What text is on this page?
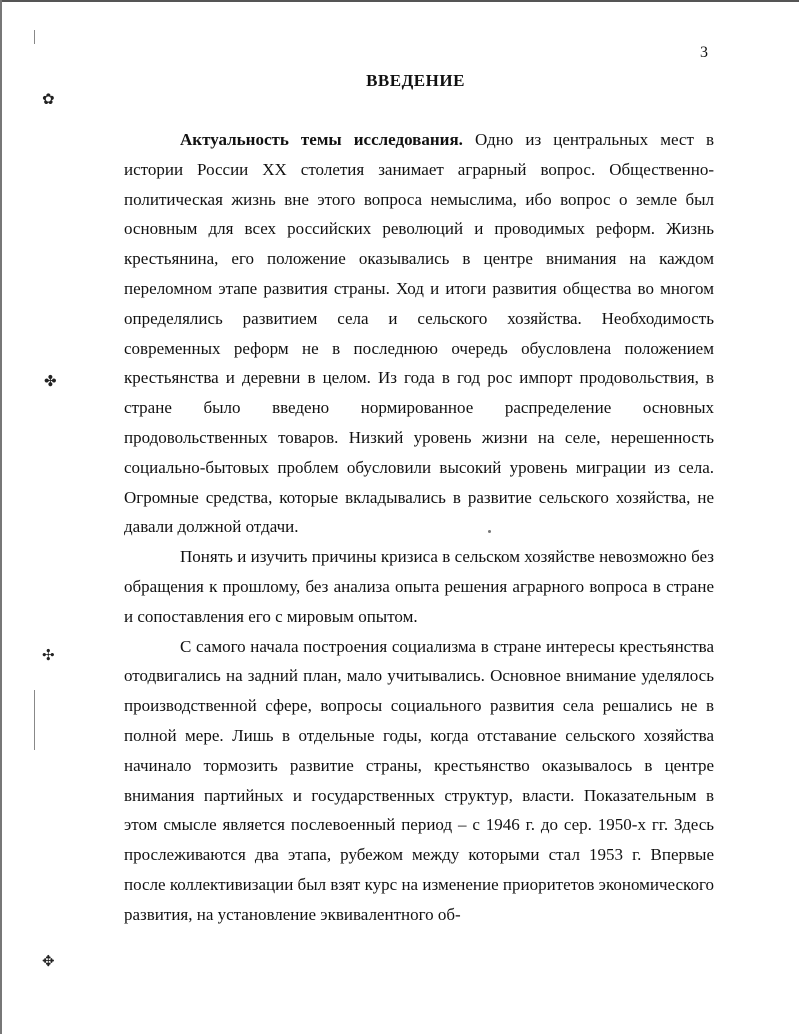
✿
✤
✣
✥
3
ВВЕДЕНИЕ

Актуальность темы исследования. Одно из центральных мест в истории России XX столетия занимает аграрный вопрос. Общественно-политическая жизнь вне этого вопроса немыслима, ибо вопрос о земле был основным для всех российских революций и проводимых реформ. Жизнь крестьянина, его положение оказывались в центре внимания на каждом переломном этапе развития страны. Ход и итоги развития общества во многом определялись развитием села и сельского хозяйства. Необходимость современных реформ не в последнюю очередь обусловлена положением крестьянства и деревни в целом. Из года в год рос импорт продовольствия, в стране было введено нормированное распределение основных продовольственных товаров. Низкий уровень жизни на селе, нерешенность социально-бытовых проблем обусловили высокий уровень миграции из села. Огромные средства, которые вкладывались в развитие сельского хозяйства, не давали должной отдачи.

Понять и изучить причины кризиса в сельском хозяйстве невозможно без обращения к прошлому, без анализа опыта решения аграрного вопроса в стране и сопоставления его с мировым опытом.

С самого начала построения социализма в стране интересы крестьянства отодвигались на задний план, мало учитывались. Основное внимание уделялось производственной сфере, вопросы социального развития села решались не в полной мере. Лишь в отдельные годы, когда отставание сельского хозяйства начинало тормозить развитие страны, крестьянство оказывалось в центре внимания партийных и государственных структур, власти. Показательным в этом смысле является послевоенный период – с 1946 г. до сер. 1950-х гг. Здесь прослеживаются два этапа, рубежом между которыми стал 1953 г. Впервые после коллективизации был взят курс на изменение приоритетов экономического развития, на установление эквивалентного об-
